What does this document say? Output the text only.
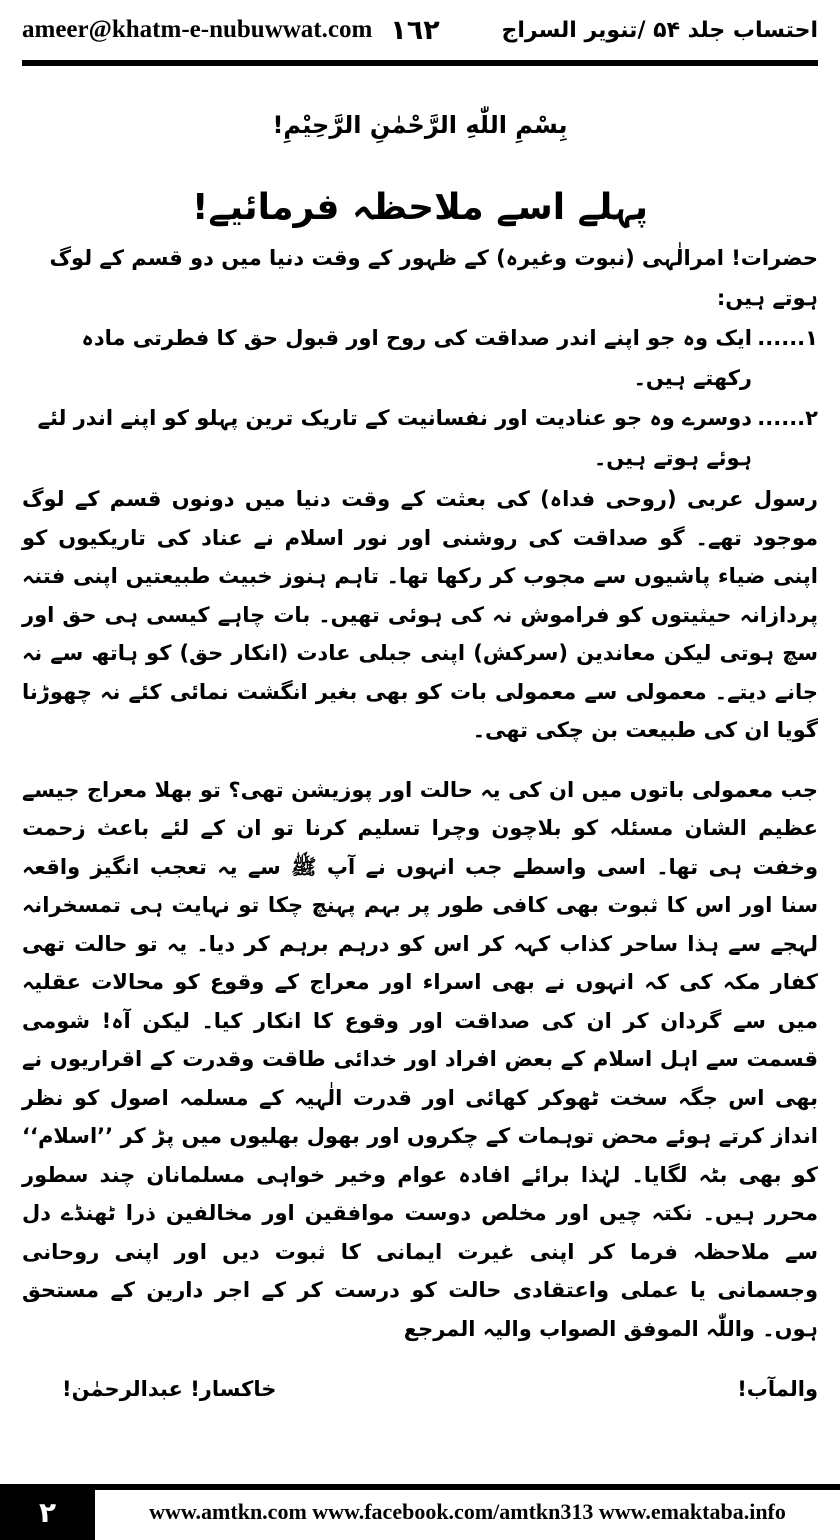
ameer@khatm-e-nubuwwat.com ١٦٢	احتساب جلد ۵۴ /تنویر السراج
بِسْمِ اللّٰهِ الرَّحْمٰنِ الرَّحِيْمِ!
پہلے اسے ملاحظہ فرمائیے!
حضرات! امرالٰہی (نبوت وغیرہ) کے ظہور کے وقت دنیا میں دو قسم کے لوگ ہوتے ہیں:
۱......
ایک وہ جو اپنے اندر صداقت کی روح اور قبول حق کا فطرتی مادہ رکھتے ہیں۔
۲......
دوسرے وہ جو عنادیت اور نفسانیت کے تاریک ترین پہلو کو اپنے اندر لئے ہوئے ہوتے ہیں۔

رسول عربی (روحی فداہ) کی بعثت کے وقت دنیا میں دونوں قسم کے لوگ موجود تھے۔ گو صداقت کی روشنی اور نور اسلام نے عناد کی تاریکیوں کو اپنی ضیاء پاشیوں سے مجوب کر رکھا تھا۔ تاہم ہنوز خبیث طبیعتیں اپنی فتنہ پردازانہ حیثیتوں کو فراموش نہ کی ہوئی تھیں۔ بات چاہے کیسی ہی حق اور سچ ہوتی لیکن معاندین (سرکش) اپنی جبلی عادت (انکار حق) کو ہاتھ سے نہ جانے دیتے۔ معمولی سے معمولی بات کو بھی بغیر انگشت نمائی کئے نہ چھوڑنا گویا ان کی طبیعت بن چکی تھی۔

جب معمولی باتوں میں ان کی یہ حالت اور پوزیشن تھی؟ تو بھلا معراج جیسے عظیم الشان مسئلہ کو بلاچون وچرا تسلیم کرنا تو ان کے لئے باعث زحمت وخفت ہی تھا۔ اسی واسطے جب انہوں نے آپ ﷺ سے یہ تعجب انگیز واقعہ سنا اور اس کا ثبوت بھی کافی طور پر بہم پہنچ چکا تو نہایت ہی تمسخرانہ لہجے سے ہذا ساحر کذاب کہہ کر اس کو درہم برہم کر دیا۔ یہ تو حالت تھی کفار مکہ کی کہ انہوں نے بھی اسراء اور معراج کے وقوع کو محالات عقلیہ میں سے گردان کر ان کی صداقت اور وقوع کا انکار کیا۔ لیکن آہ! شومی قسمت سے اہل اسلام کے بعض افراد اور خدائی طاقت وقدرت کے اقراریوں نے بھی اس جگہ سخت ٹھوکر کھائی اور قدرت الٰہیہ کے مسلمہ اصول کو نظر انداز کرتے ہوئے محض توہمات کے چکروں اور بھول بھلیوں میں پڑ کر ’’اسلام‘‘ کو بھی بٹہ لگایا۔ لہٰذا برائے افادہ عوام وخیر خواہی مسلمانان چند سطور محرر ہیں۔ نکتہ چیں اور مخلص دوست موافقین اور مخالفین ذرا ٹھنڈے دل سے ملاحظہ فرما کر اپنی غیرت ایمانی کا ثبوت دیں اور اپنی روحانی وجسمانی یا عملی واعتقادی حالت کو درست کر کے اجر دارین کے مستحق ہوں۔ واللّٰہ الموفق الصواب والیہ المرجع

والمآب!
خاکسار! عبدالرحمٰن!
۲	www.amtkn.com www.facebook.com/amtkn313 www.emaktaba.info
